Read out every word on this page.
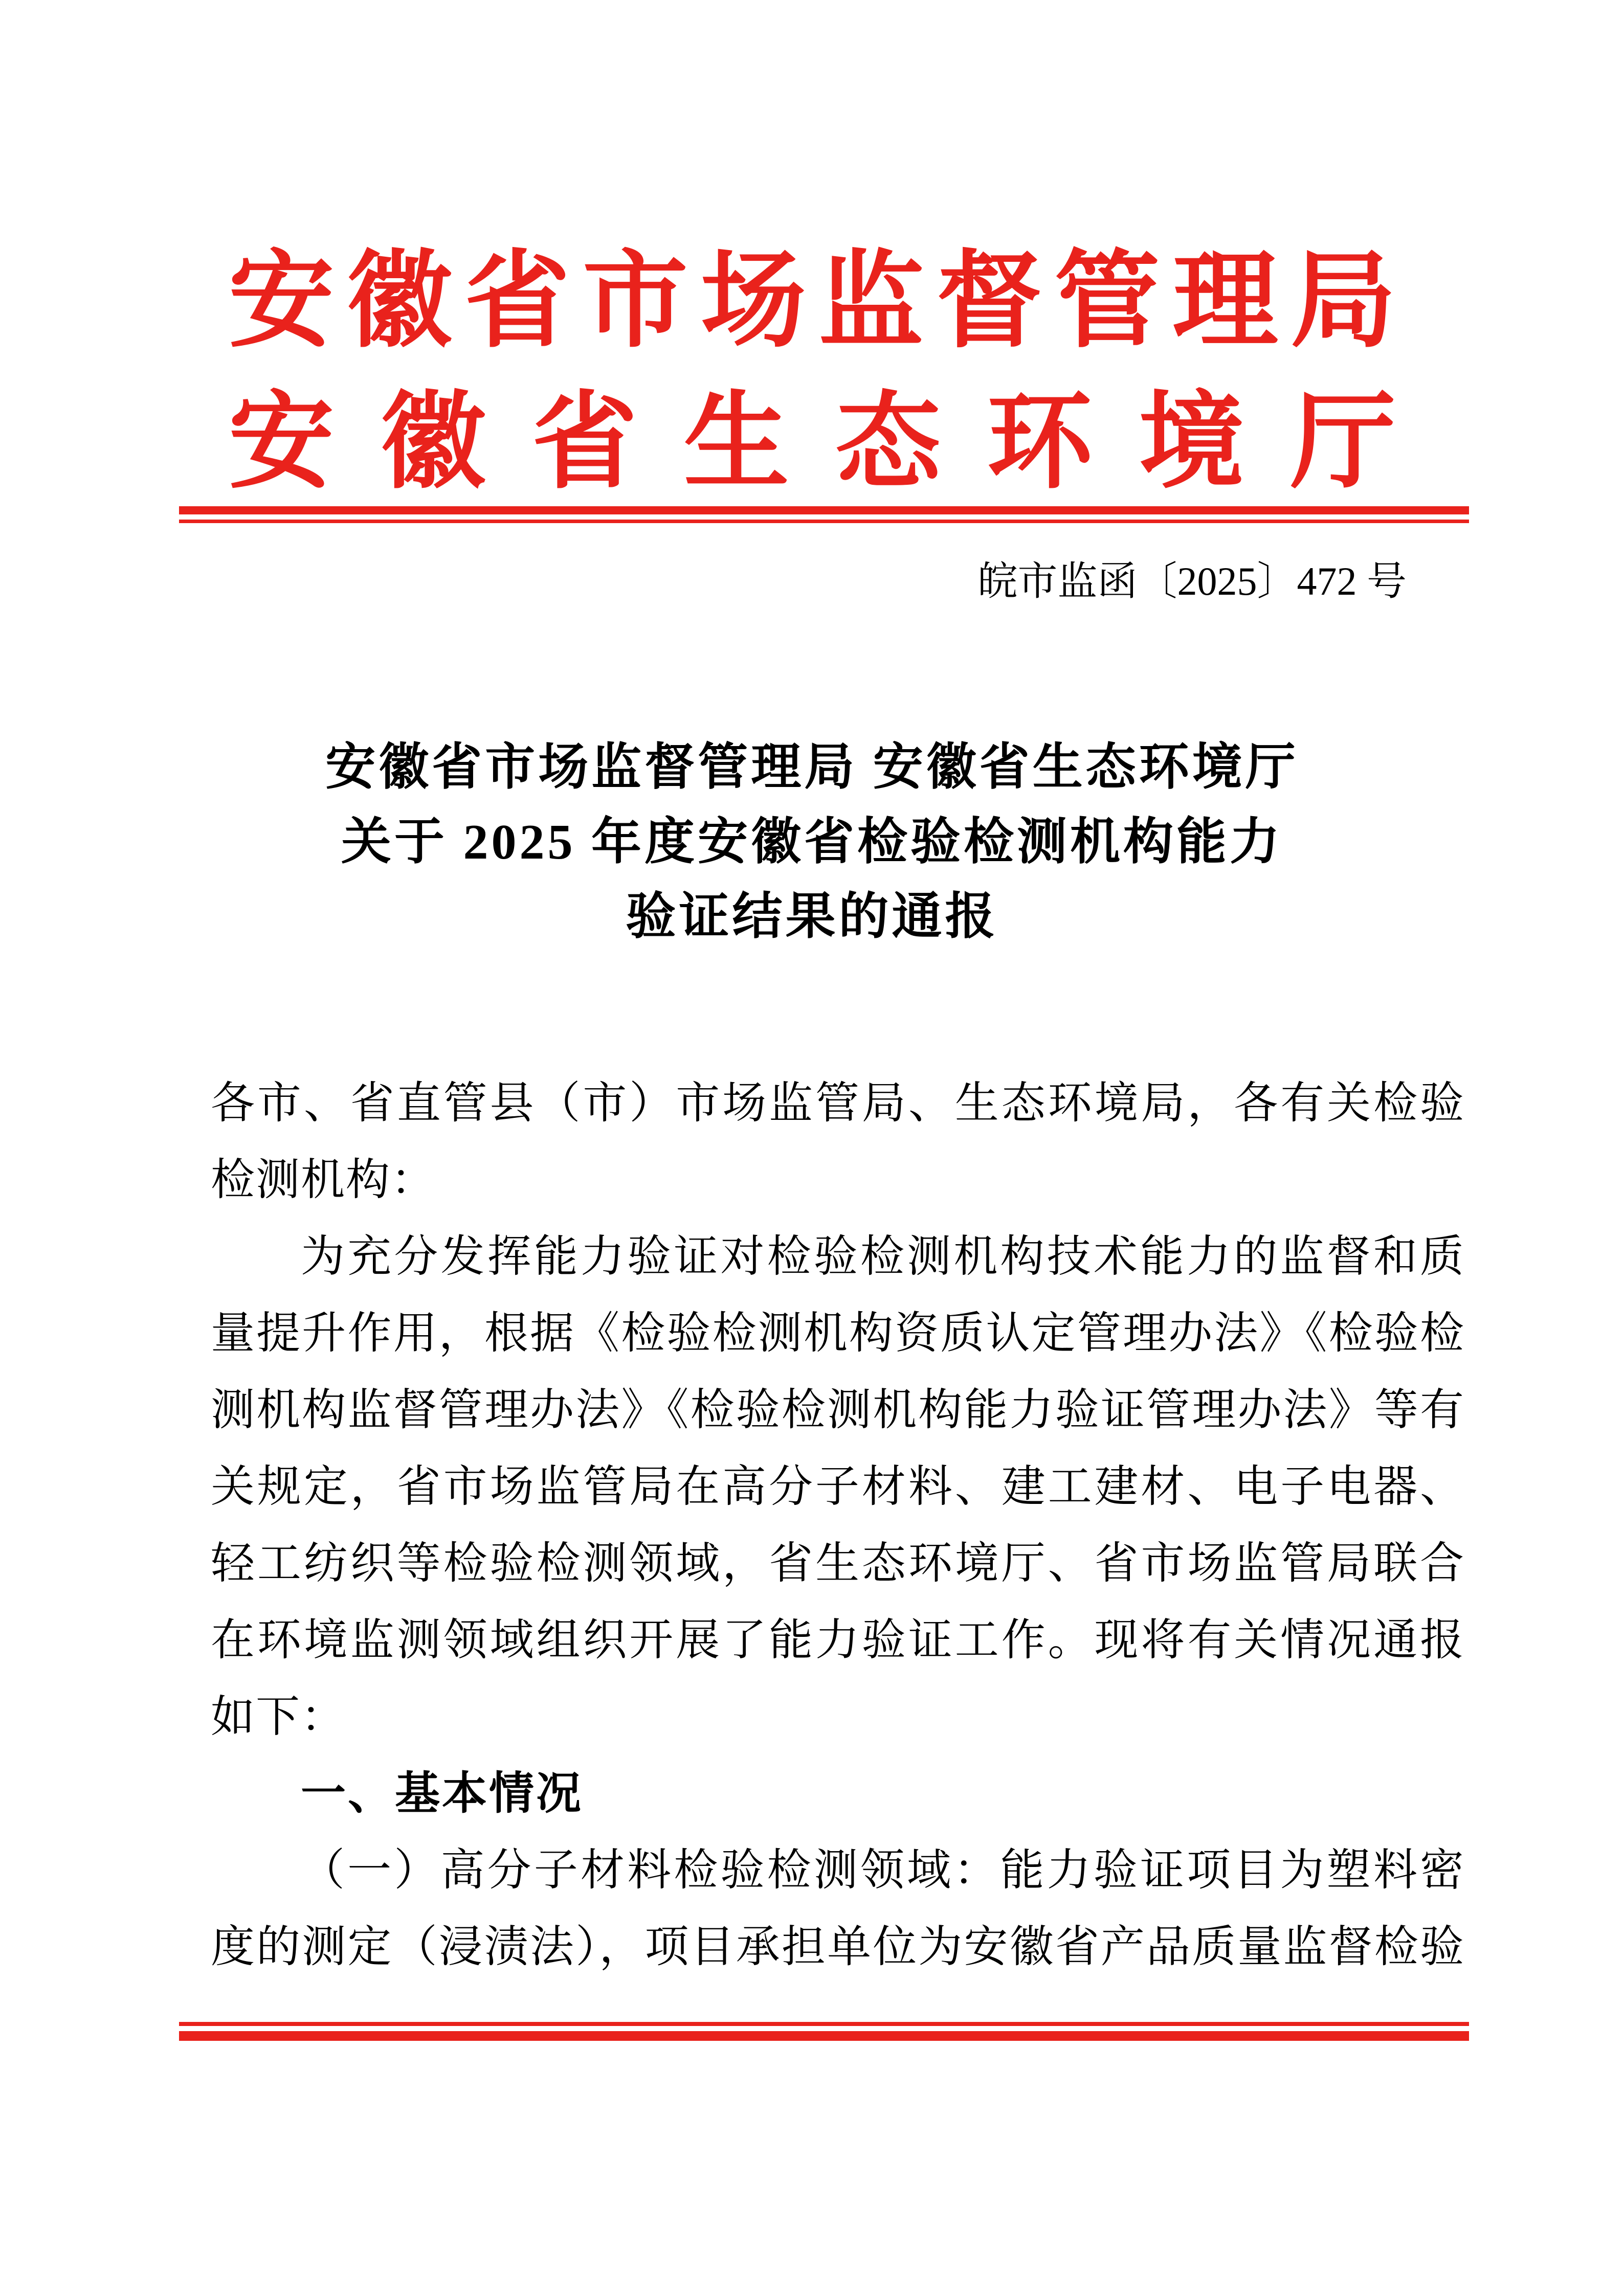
安徽省市场监督管理局
安徽省生态环境厅
皖市监函〔2025〕472 号
安徽省市场监督管理局 安徽省生态环境厅
关于 2025 年度安徽省检验检测机构能力
验证结果的通报

各市、省直管县（市）市场监管局、生态环境局，各有关检验

检测机构：

为充分发挥能力验证对检验检测机构技术能力的监督和质

量提升作用，根据《检验检测机构资质认定管理办法》《检验检

测机构监督管理办法》《检验检测机构能力验证管理办法》等有

关规定，省市场监管局在高分子材料、建工建材、电子电器、

轻工纺织等检验检测领域，省生态环境厅、省市场监管局联合

在环境监测领域组织开展了能力验证工作。现将有关情况通报

如下：

一、基本情况

（一）高分子材料检验检测领域：能力验证项目为塑料密

度的测定（浸渍法），项目承担单位为安徽省产品质量监督检验
